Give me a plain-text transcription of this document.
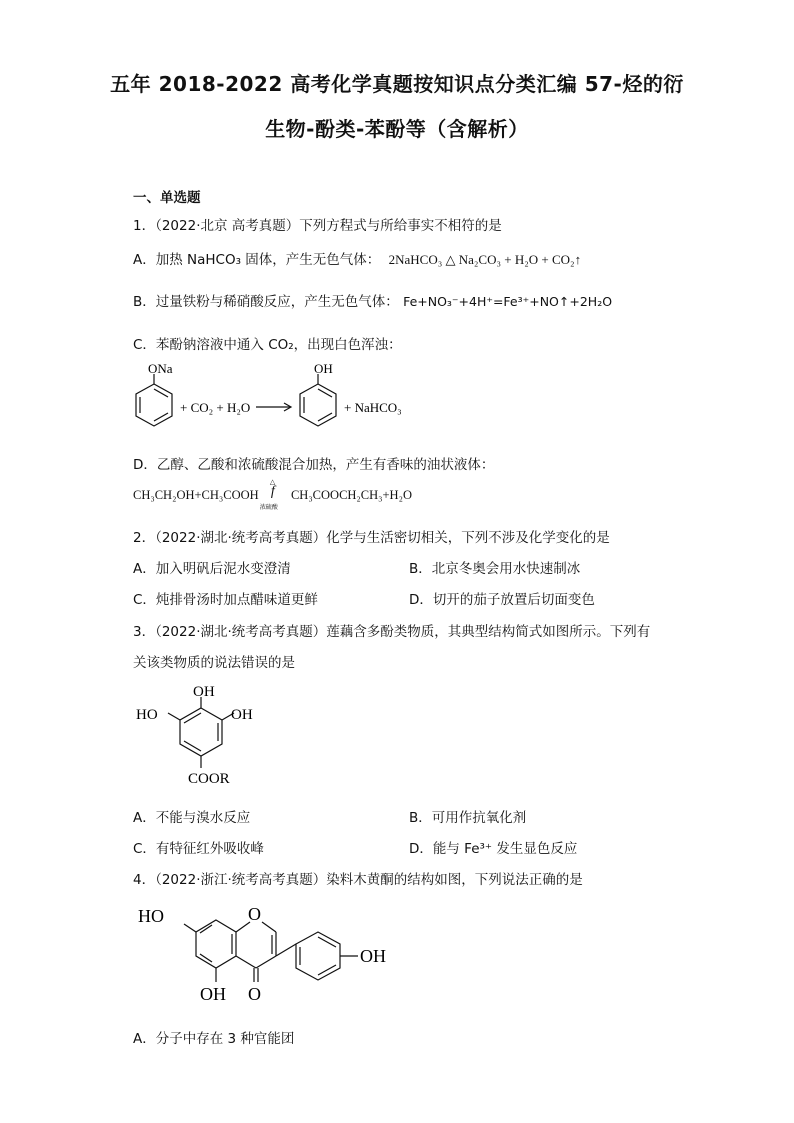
五年 2018-2022 高考化学真题按知识点分类汇编 57-烃的衍
生物-酚类-苯酚等（含解析）
一、单选题
1．（2022·北京 高考真题）下列方程式与所给事实不相符的是
A．加热 NaHCO₃ 固体，产生无色气体： 2NaHCO₃ △ Na₂CO₃ + H₂O + CO₂↑
B．过量铁粉与稀硝酸反应，产生无色气体： Fe+NO₃⁻+4H⁺=Fe³⁺+NO↑+2H₂O
C．苯酚钠溶液中通入 CO₂，出现白色浑浊：
ONa
+ CO₂ + H₂O
OH
+ NaHCO₃
D．乙醇、乙酸和浓硫酸混合加热，产生有香味的油状液体：
CH₃CH₂OH+CH₃COOH
△
f
浓硫酸
CH₃COOCH₂CH₃+H₂O
2．（2022·湖北·统考高考真题）化学与生活密切相关，下列不涉及化学变化的是
A．加入明矾后泥水变澄清	B．北京冬奥会用水快速制冰
C．炖排骨汤时加点醋味道更鲜	D．切开的茄子放置后切面变色
3．（2022·湖北·统考高考真题）莲藕含多酚类物质，其典型结构简式如图所示。下列有
关该类物质的说法错误的是
OH
HO	OH
COOR
A．不能与溴水反应	B．可用作抗氧化剂
C．有特征红外吸收峰	D．能与 Fe³⁺ 发生显色反应
4．（2022·浙江·统考高考真题）染料木黄酮的结构如图，下列说法正确的是
HO	O
OH
OH O
A．分子中存在 3 种官能团
